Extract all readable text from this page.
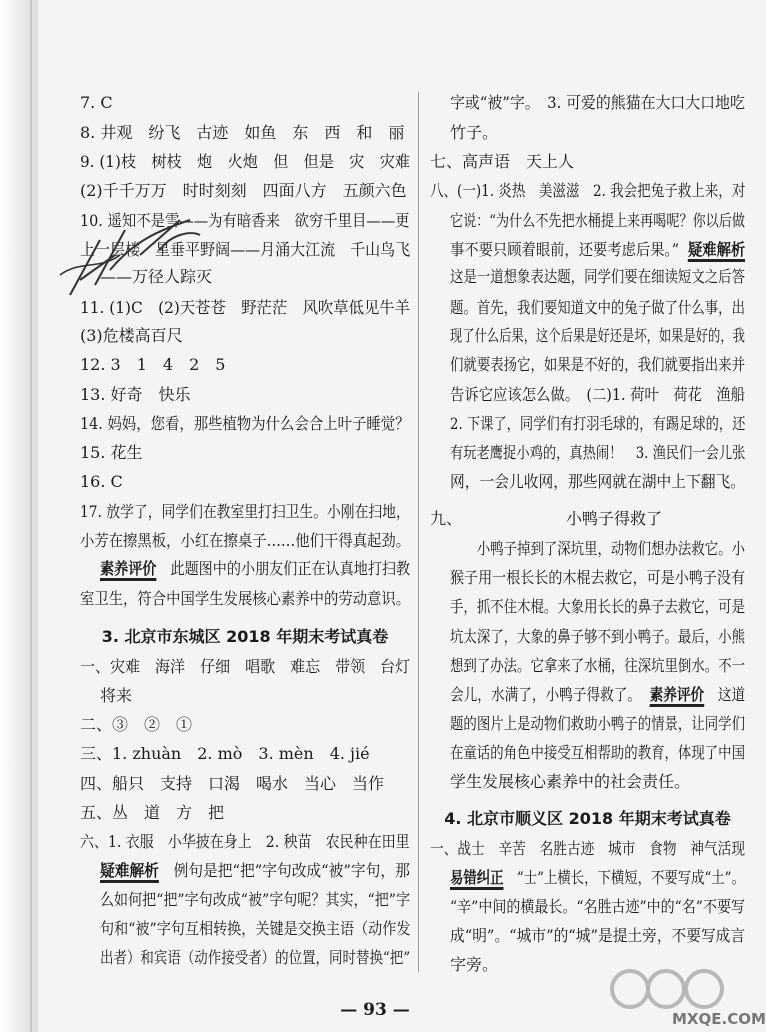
7. C
8. 井观　纷飞　古迹　如鱼　东　西　和　丽
9. (1)枝　树枝　炮　火炮　但　但是　灾　灾难
(2)千千万万　时时刻刻　四面八方　五颜六色
10. 遥知不是雪——为有暗香来　欲穷千里目——更
上一层楼　星垂平野阔——月涌大江流　千山鸟飞
——万径人踪灭
11. (1)C　(2)天苍苍　野茫茫　风吹草低见牛羊
(3)危楼高百尺
12. 3　1　4　2　5
13. 好奇　快乐
14. 妈妈，您看，那些植物为什么会合上叶子睡觉？
15. 花生
16. C
17. 放学了，同学们在教室里打扫卫生。小刚在扫地，
小芳在擦黑板，小红在擦桌子……他们干得真起劲。
素养评价　此题图中的小朋友们正在认真地打扫教
室卫生，符合中国学生发展核心素养中的劳动意识。
3. 北京市东城区 2018 年期末考试真卷
一、灾难　海洋　仔细　唱歌　难忘　带领　台灯
将来
二、③　②　①
三、1. zhuàn　2. mò　3. mèn　4. jié
四、船只　支持　口渴　喝水　当心　当作
五、丛　道　方　把
六、1. 衣服　小华披在身上　2. 秧苗　农民种在田里
疑难解析　例句是把“把”字句改成“被”字句，那
么如何把“把”字句改成“被”字句呢？其实，“把”字
句和“被”字句互相转换，关键是交换主语（动作发
出者）和宾语（动作接受者）的位置，同时替换“把”
字或“被”字。　3. 可爱的熊猫在大口大口地吃
竹子。
七、高声语　天上人
八、(一)1. 炎热　美滋滋　2. 我会把兔子救上来，对
它说：“为什么不先把水桶提上来再喝呢？你以后做
事不要只顾着眼前，还要考虑后果。” 疑难解析
这是一道想象表达题，同学们要在细读短文之后答
题。首先，我们要知道文中的兔子做了什么事，出
现了什么后果，这个后果是好还是坏，如果是好的，我
们就要表扬它，如果是不好的，我们就要指出来并
告诉它应该怎么做。　(二)1. 荷叶　荷花　渔船
2. 下课了，同学们有打羽毛球的，有踢足球的，还
有玩老鹰捉小鸡的，真热闹！　3. 渔民们一会儿张
网，一会儿收网，那些网就在湖中上下翻飞。
九、　　　　　　　小鸭子得救了
　　小鸭子掉到了深坑里，动物们想办法救它。小
猴子用一根长长的木棍去救它，可是小鸭子没有
手，抓不住木棍。大象用长长的鼻子去救它，可是
坑太深了，大象的鼻子够不到小鸭子。最后，小熊
想到了办法。它拿来了水桶，往深坑里倒水。不一
会儿，水满了，小鸭子得救了。 素养评价　这道
题的图片上是动物们救助小鸭子的情景，让同学们
在童话的角色中接受互相帮助的教育，体现了中国
学生发展核心素养中的社会责任。
4. 北京市顺义区 2018 年期末考试真卷
一、战士　辛苦　名胜古迹　城市　食物　神气活现
易错纠正　“士”上横长，下横短，不要写成“土”。
“辛”中间的横最长。“名胜古迹”中的“名”不要写
成“明”。“城市”的“城”是提土旁，不要写成言
字旁。
MXQE.COM
— 93 —
